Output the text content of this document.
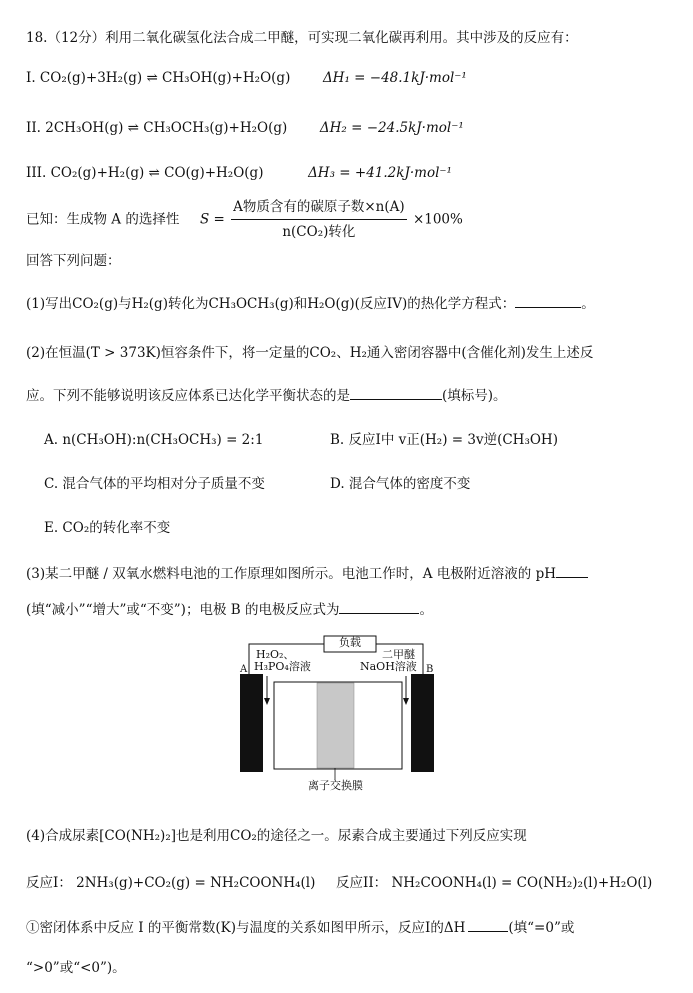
18.（12分）利用二氧化碳氢化法合成二甲醚，可实现二氧化碳再利用。其中涉及的反应有：
I. CO₂(g)+3H₂(g) ⇌ CH₃OH(g)+H₂O(g) ΔH₁ = −48.1kJ·mol⁻¹
II. 2CH₃OH(g) ⇌ CH₃OCH₃(g)+H₂O(g) ΔH₂ = −24.5kJ·mol⁻¹
III. CO₂(g)+H₂(g) ⇌ CO(g)+H₂O(g)	ΔH₃ = +41.2kJ·mol⁻¹
已知：生成物 A 的选择性 $S = \frac{\text{A物质含有的碳原子数×n(A)}}{\text{n(CO₂)转化}} \times 100\%$
回答下列问题：
(1)写出CO₂(g)与H₂(g)转化为CH₃OCH₃(g)和H₂O(g)(反应IV)的热化学方程式：	。
(2)在恒温(T > 373K)恒容条件下，将一定量的CO₂、H₂通入密闭容器中(含催化剂)发生上述反
应。下列不能够说明该反应体系已达化学平衡状态的是	(填标号)。
A. n(CH₃OH):n(CH₃OCH₃) = 2:1	B. 反应I中 v正(H₂) = 3v逆(CH₃OH)
C. 混合气体的平均相对分子质量不变	D. 混合气体的密度不变
E. CO₂的转化率不变
(3)某二甲醚 / 双氧水燃料电池的工作原理如图所示。电池工作时，A 电极附近溶液的 pH
(填“减小”“增大”或“不变”)；电极 B 的电极反应式为	。
负载
H₂O₂、
H₃PO₄溶液
二甲醚
NaOH溶液
A	B
离子交换膜
(4)合成尿素[CO(NH₂)₂]也是利用CO₂的途径之一。尿素合成主要通过下列反应实现
反应I： 2NH₃(g)+CO₂(g) = NH₂COONH₄(l) 反应II： NH₂COONH₄(l) = CO(NH₂)₂(l)+H₂O(l)
①密闭体系中反应 I 的平衡常数(K)与温度的关系如图甲所示，反应I的ΔH	(填“=0”或
“>0”或“<0”)。
